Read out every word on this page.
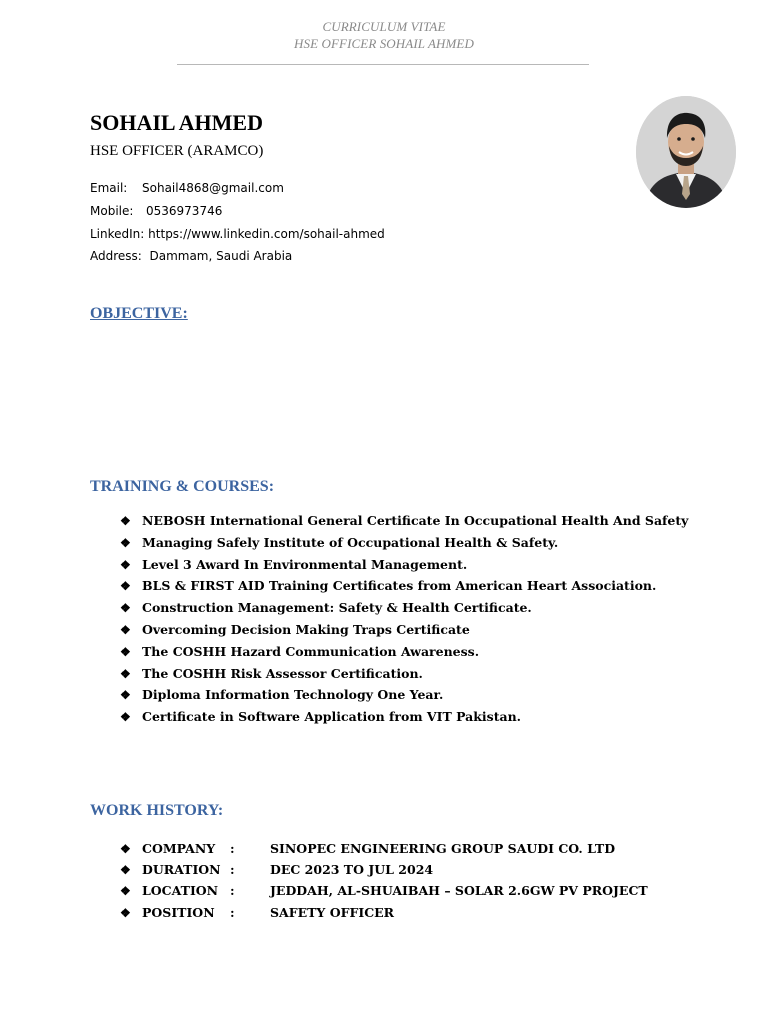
CURRICULUM VITAE
HSE OFFICER SOHAIL AHMED
SOHAIL AHMED
HSE OFFICER (ARAMCO)
Email: Sohail4868@gmail.com
Mobile: 0536973746
LinkedIn: https://www.linkedin.com/sohail-ahmed
Address: Dammam, Saudi Arabia
OBJECTIVE:
TRAINING & COURSES:
❖ NEBOSH International General Certificate In Occupational Health And Safety
❖ Managing Safely Institute of Occupational Health & Safety.
❖ Level 3 Award In Environmental Management.
❖ BLS & FIRST AID Training Certificates from American Heart Association.
❖ Construction Management: Safety & Health Certificate.
❖ Overcoming Decision Making Traps Certificate
❖ The COSHH Hazard Communication Awareness.
❖ The COSHH Risk Assessor Certification.
❖ Diploma Information Technology One Year.
❖ Certificate in Software Application from VIT Pakistan.
WORK HISTORY:
❖ COMPANY :	SINOPEC ENGINEERING GROUP SAUDI CO. LTD
❖ DURATION :	DEC 2023 TO JUL 2024
❖ LOCATION :	JEDDAH, AL-SHUAIBAH – SOLAR 2.6GW PV PROJECT
❖ POSITION :	SAFETY OFFICER
